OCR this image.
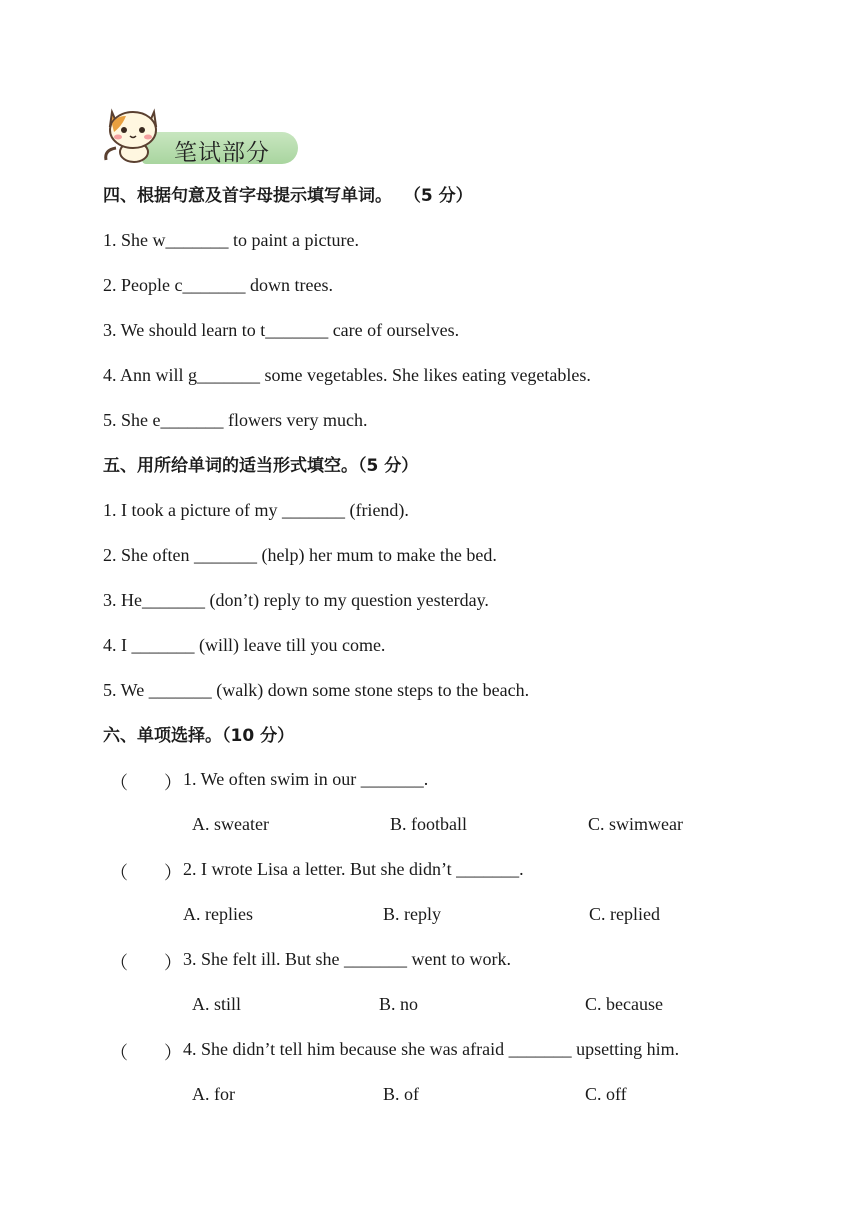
笔试部分
四、根据句意及首字母提示填写单词。  （5 分）
1. She w_______ to paint a picture.
2. People c_______ down trees.
3. We should learn to t_______ care of ourselves.
4. Ann will g_______ some vegetables. She likes eating vegetables.
5. She e_______ flowers very much.
五、用所给单词的适当形式填空。（5 分）
1. I took a picture of my _______ (friend).
2. She often _______ (help) her mum to make the bed.
3. He_______ (don’t) reply to my question yesterday.
4. I _______ (will) leave till you come.
5. We _______ (walk) down some stone steps to the beach.
六、单项选择。（10 分）
（        ） 1. We often swim in our _______.
A. sweater	B. football	C. swimwear
（        ） 2. I wrote Lisa a letter. But she didn’t _______.
A. replies	B. reply	C. replied
（        ） 3. She felt ill. But she _______ went to work.
A. still	B. no	C. because
（        ） 4. She didn’t tell him because she was afraid _______ upsetting him.
A. for	B. of	C. off
